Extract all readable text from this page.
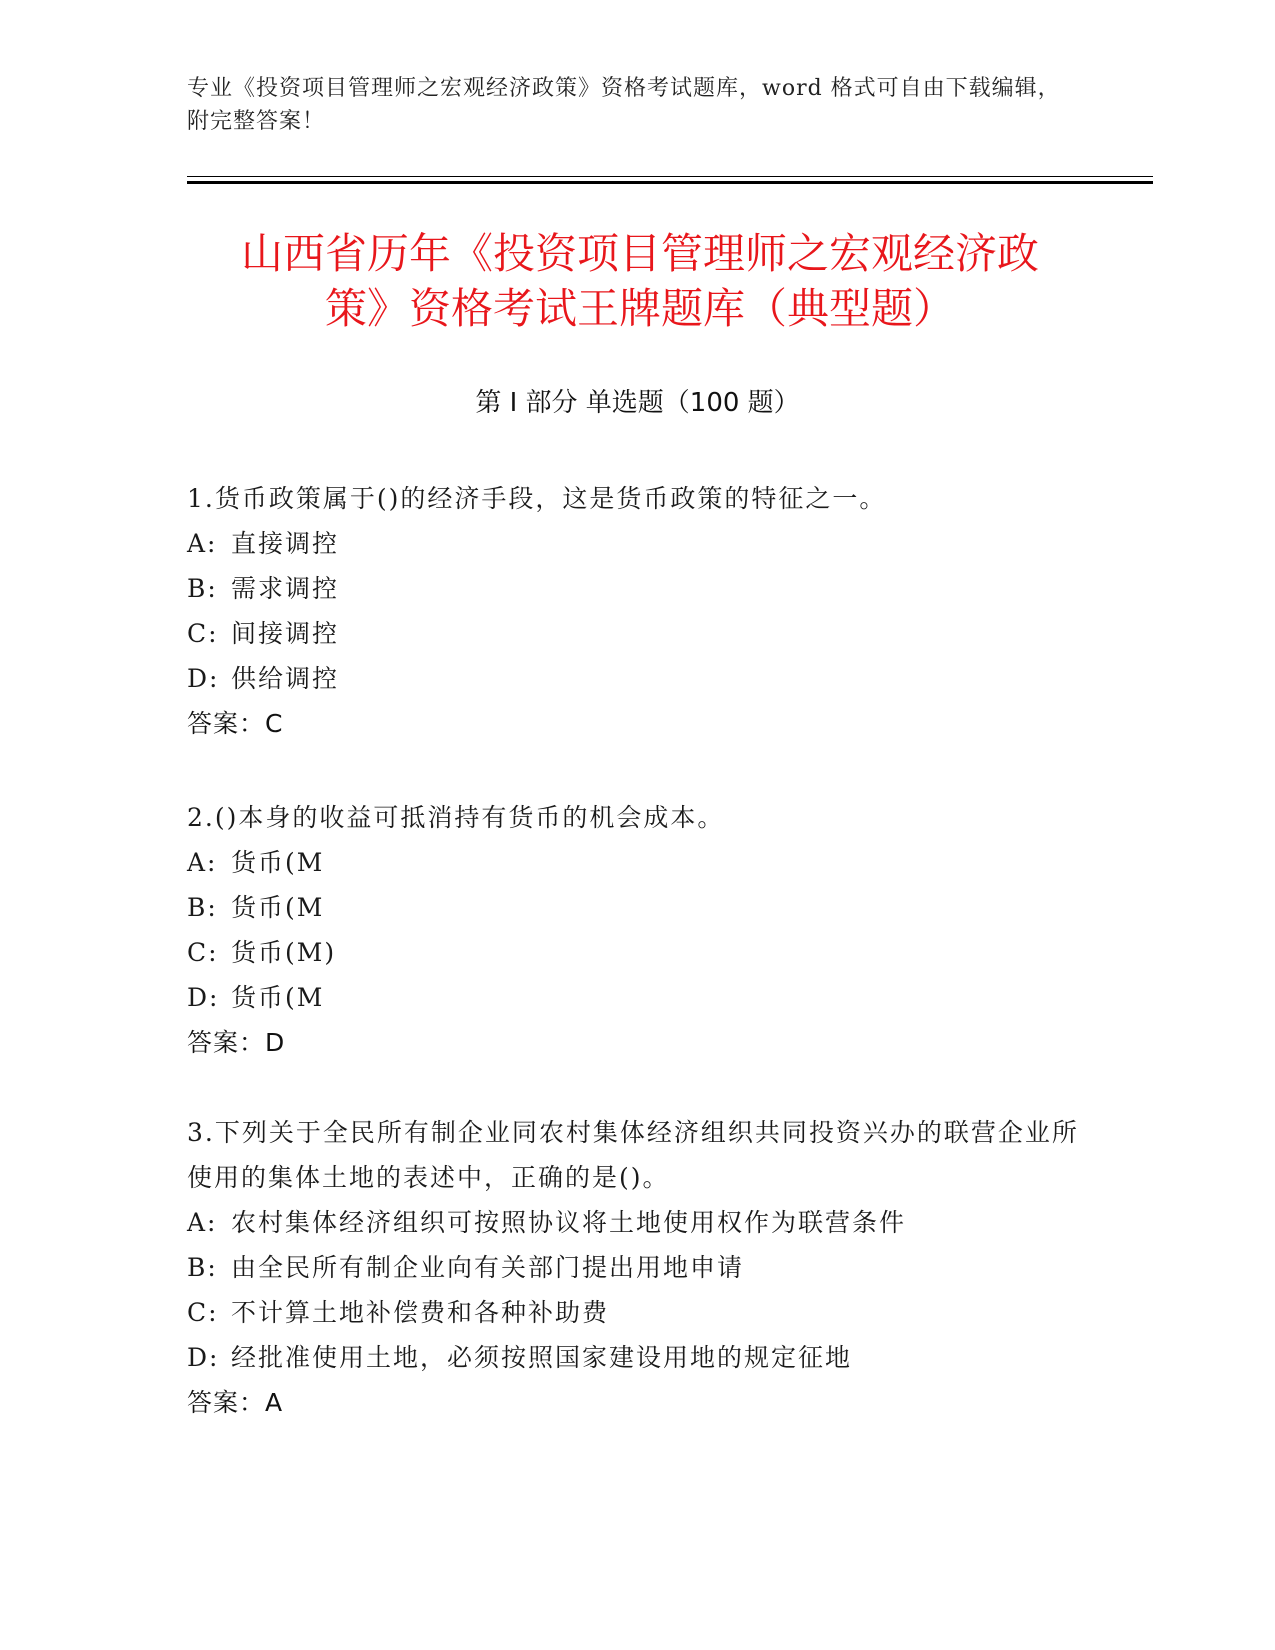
专业《投资项目管理师之宏观经济政策》资格考试题库，word 格式可自由下载编辑，附完整答案！
山西省历年《投资项目管理师之宏观经济政
策》资格考试王牌题库（典型题）
第 I 部分 单选题（100 题）
1.货币政策属于()的经济手段，这是货币政策的特征之一。
A: 直接调控
B: 需求调控
C: 间接调控
D: 供给调控
答案：C
2.()本身的收益可抵消持有货币的机会成本。
A: 货币(M
B: 货币(M
C: 货币(M)
D: 货币(M
答案：D
3.下列关于全民所有制企业同农村集体经济组织共同投资兴办的联营企业所使用的集体土地的表述中，正确的是()。
A: 农村集体经济组织可按照协议将土地使用权作为联营条件
B: 由全民所有制企业向有关部门提出用地申请
C: 不计算土地补偿费和各种补助费
D: 经批准使用土地，必须按照国家建设用地的规定征地
答案：A
